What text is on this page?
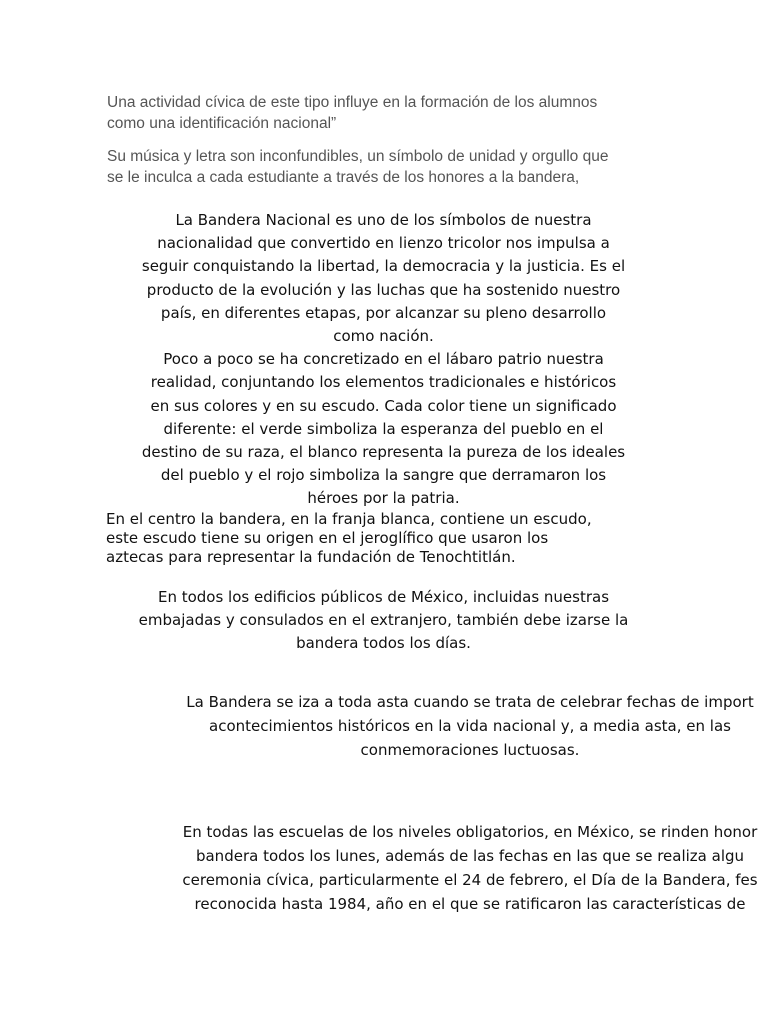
Una actividad cívica de este tipo influye en la formación de los alumnos
como una identificación nacional”

Su música y letra son inconfundibles, un símbolo de unidad y orgullo que
se le inculca a cada estudiante a través de los honores a la bandera,

La Bandera Nacional es uno de los símbolos de nuestra
nacionalidad que convertido en lienzo tricolor nos impulsa a
seguir conquistando la libertad, la democracia y la justicia. Es el
producto de la evolución y las luchas que ha sostenido nuestro
país, en diferentes etapas, por alcanzar su pleno desarrollo
como nación.
Poco a poco se ha concretizado en el lábaro patrio nuestra
realidad, conjuntando los elementos tradicionales e históricos
en sus colores y en su escudo. Cada color tiene un significado
diferente: el verde simboliza la esperanza del pueblo en el
destino de su raza, el blanco representa la pureza de los ideales
del pueblo y el rojo simboliza la sangre que derramaron los
héroes por la patria.

En el centro la bandera, en la franja blanca, contiene un escudo,
este escudo tiene su origen en el jeroglífico que usaron los
aztecas para representar la fundación de Tenochtitlán.

En todos los edificios públicos de México, incluidas nuestras
embajadas y consulados en el extranjero, también debe izarse la
bandera todos los días.

La Bandera se iza a toda asta cuando se trata de celebrar fechas de import
acontecimientos históricos en la vida nacional y, a media asta, en las
conmemoraciones luctuosas.

En todas las escuelas de los niveles obligatorios, en México, se rinden honor
bandera todos los lunes, además de las fechas en las que se realiza algu
ceremonia cívica, particularmente el 24 de febrero, el Día de la Bandera, fes
reconocida hasta 1984, año en el que se ratificaron las características de
